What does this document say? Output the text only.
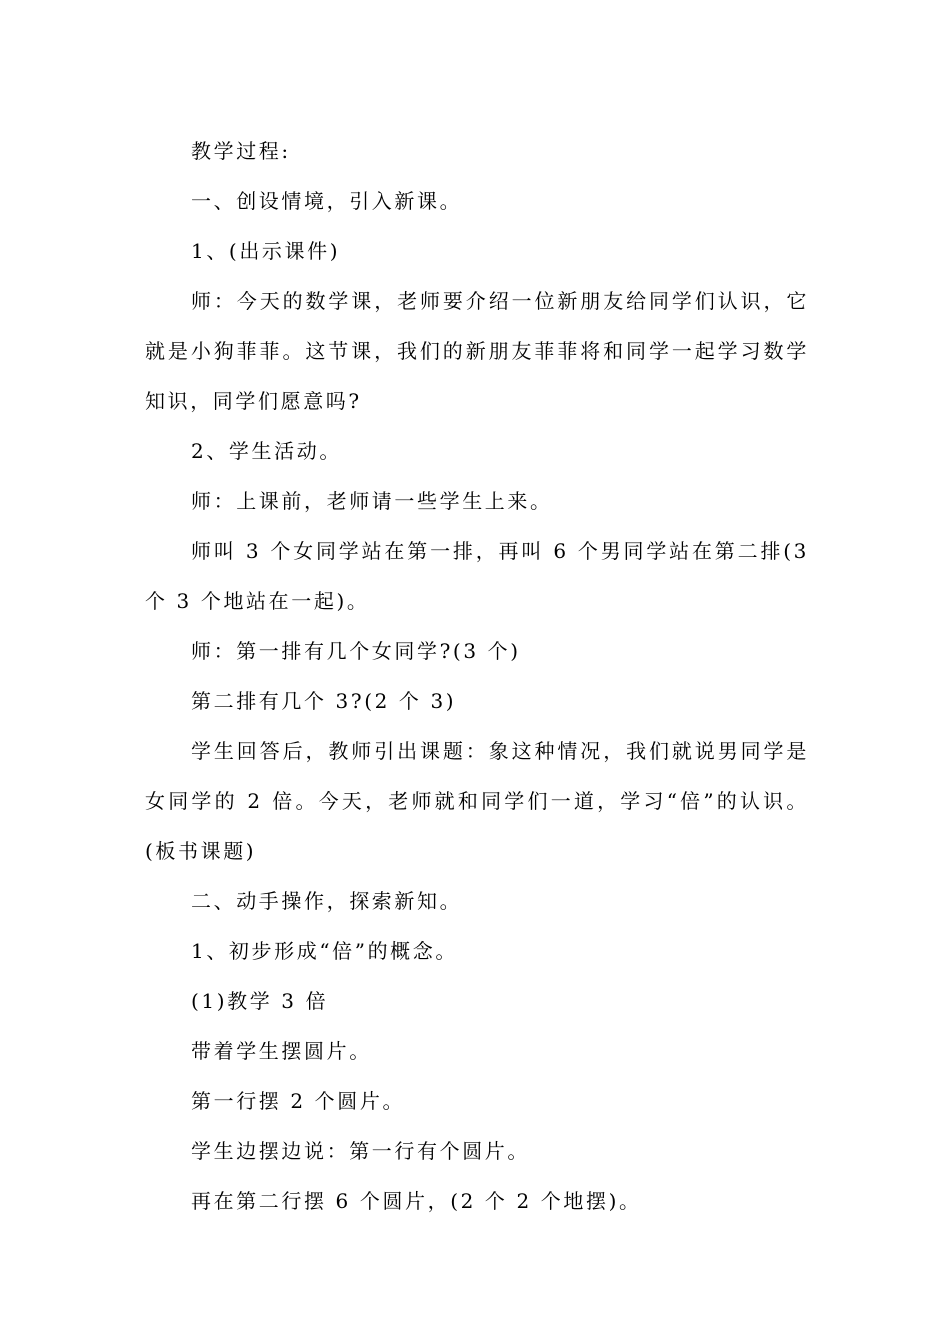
教学过程:

一、创设情境，引入新课。

1、(出示课件)

师：今天的数学课，老师要介绍一位新朋友给同学们认识，它就是小狗菲菲。这节课，我们的新朋友菲菲将和同学一起学习数学知识，同学们愿意吗?

2、学生活动。

师：上课前，老师请一些学生上来。

师叫 3 个女同学站在第一排，再叫 6 个男同学站在第二排(3 个 3 个地站在一起)。

师：第一排有几个女同学?(3 个)

第二排有几个 3?(2 个 3)

学生回答后，教师引出课题：象这种情况，我们就说男同学是女同学的 2 倍。今天，老师就和同学们一道，学习“倍”的认识。(板书课题)

二、动手操作，探索新知。

1、初步形成“倍”的概念。

(1)教学 3 倍

带着学生摆圆片。

第一行摆 2 个圆片。

学生边摆边说：第一行有个圆片。

再在第二行摆 6 个圆片，(2 个 2 个地摆)。
